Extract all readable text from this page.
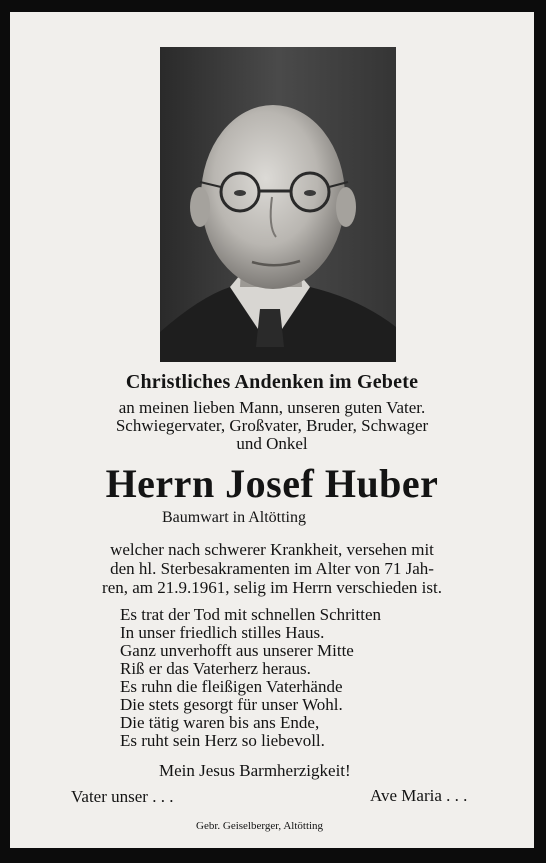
Christliches Andenken im Gebete
an meinen lieben Mann, unseren guten Vater.
Schwiegervater, Großvater, Bruder, Schwager
und Onkel
Herrn Josef Huber
Baumwart in Altötting
welcher nach schwerer Krankheit, versehen mit
den hl. Sterbesakramenten im Alter von 71 Jah-
ren, am 21.9.1961, selig im Herrn verschieden ist.
Es trat der Tod mit schnellen Schritten
In unser friedlich stilles Haus.
Ganz unverhofft aus unserer Mitte
Riß er das Vaterherz heraus.
Es ruhn die fleißigen Vaterhände
Die stets gesorgt für unser Wohl.
Die tätig waren bis ans Ende,
Es ruht sein Herz so liebevoll.
Mein Jesus Barmherzigkeit!
Vater unser . . .	Ave Maria . . .
Gebr. Geiselberger, Altötting
